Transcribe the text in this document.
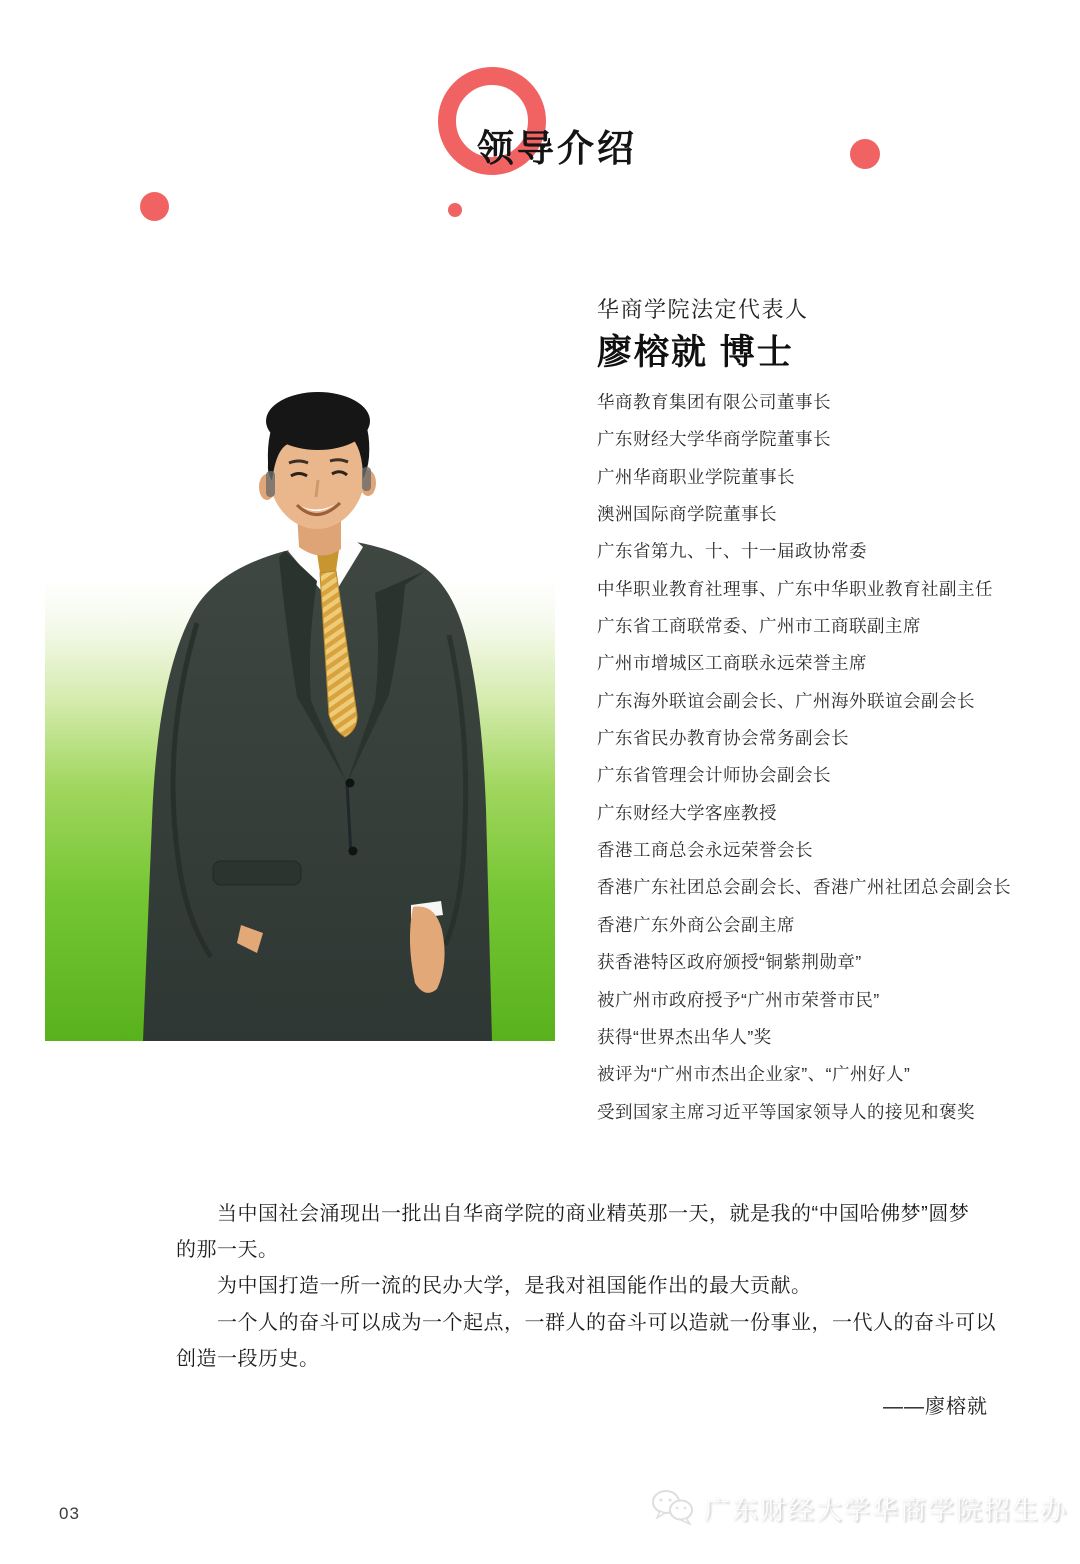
领导介绍
华商学院法定代表人
廖榕就 博士
华商教育集团有限公司董事长
广东财经大学华商学院董事长
广州华商职业学院董事长
澳洲国际商学院董事长
广东省第九、十、十一届政协常委
中华职业教育社理事、广东中华职业教育社副主任
广东省工商联常委、广州市工商联副主席
广州市增城区工商联永远荣誉主席
广东海外联谊会副会长、广州海外联谊会副会长
广东省民办教育协会常务副会长
广东省管理会计师协会副会长
广东财经大学客座教授
香港工商总会永远荣誉会长
香港广东社团总会副会长、香港广州社团总会副会长
香港广东外商公会副主席
获香港特区政府颁授“铜紫荆勋章”
被广州市政府授予“广州市荣誉市民”
获得“世界杰出华人”奖
被评为“广州市杰出企业家”、“广州好人”
受到国家主席习近平等国家领导人的接见和褒奖
　　当中国社会涌现出一批出自华商学院的商业精英那一天，就是我的“中国哈佛梦”圆梦
的那一天。
　　为中国打造一所一流的民办大学，是我对祖国能作出的最大贡献。
　　一个人的奋斗可以成为一个起点，一群人的奋斗可以造就一份事业，一代人的奋斗可以
创造一段历史。
——廖榕就
03	广东财经大学华商学院招生办
